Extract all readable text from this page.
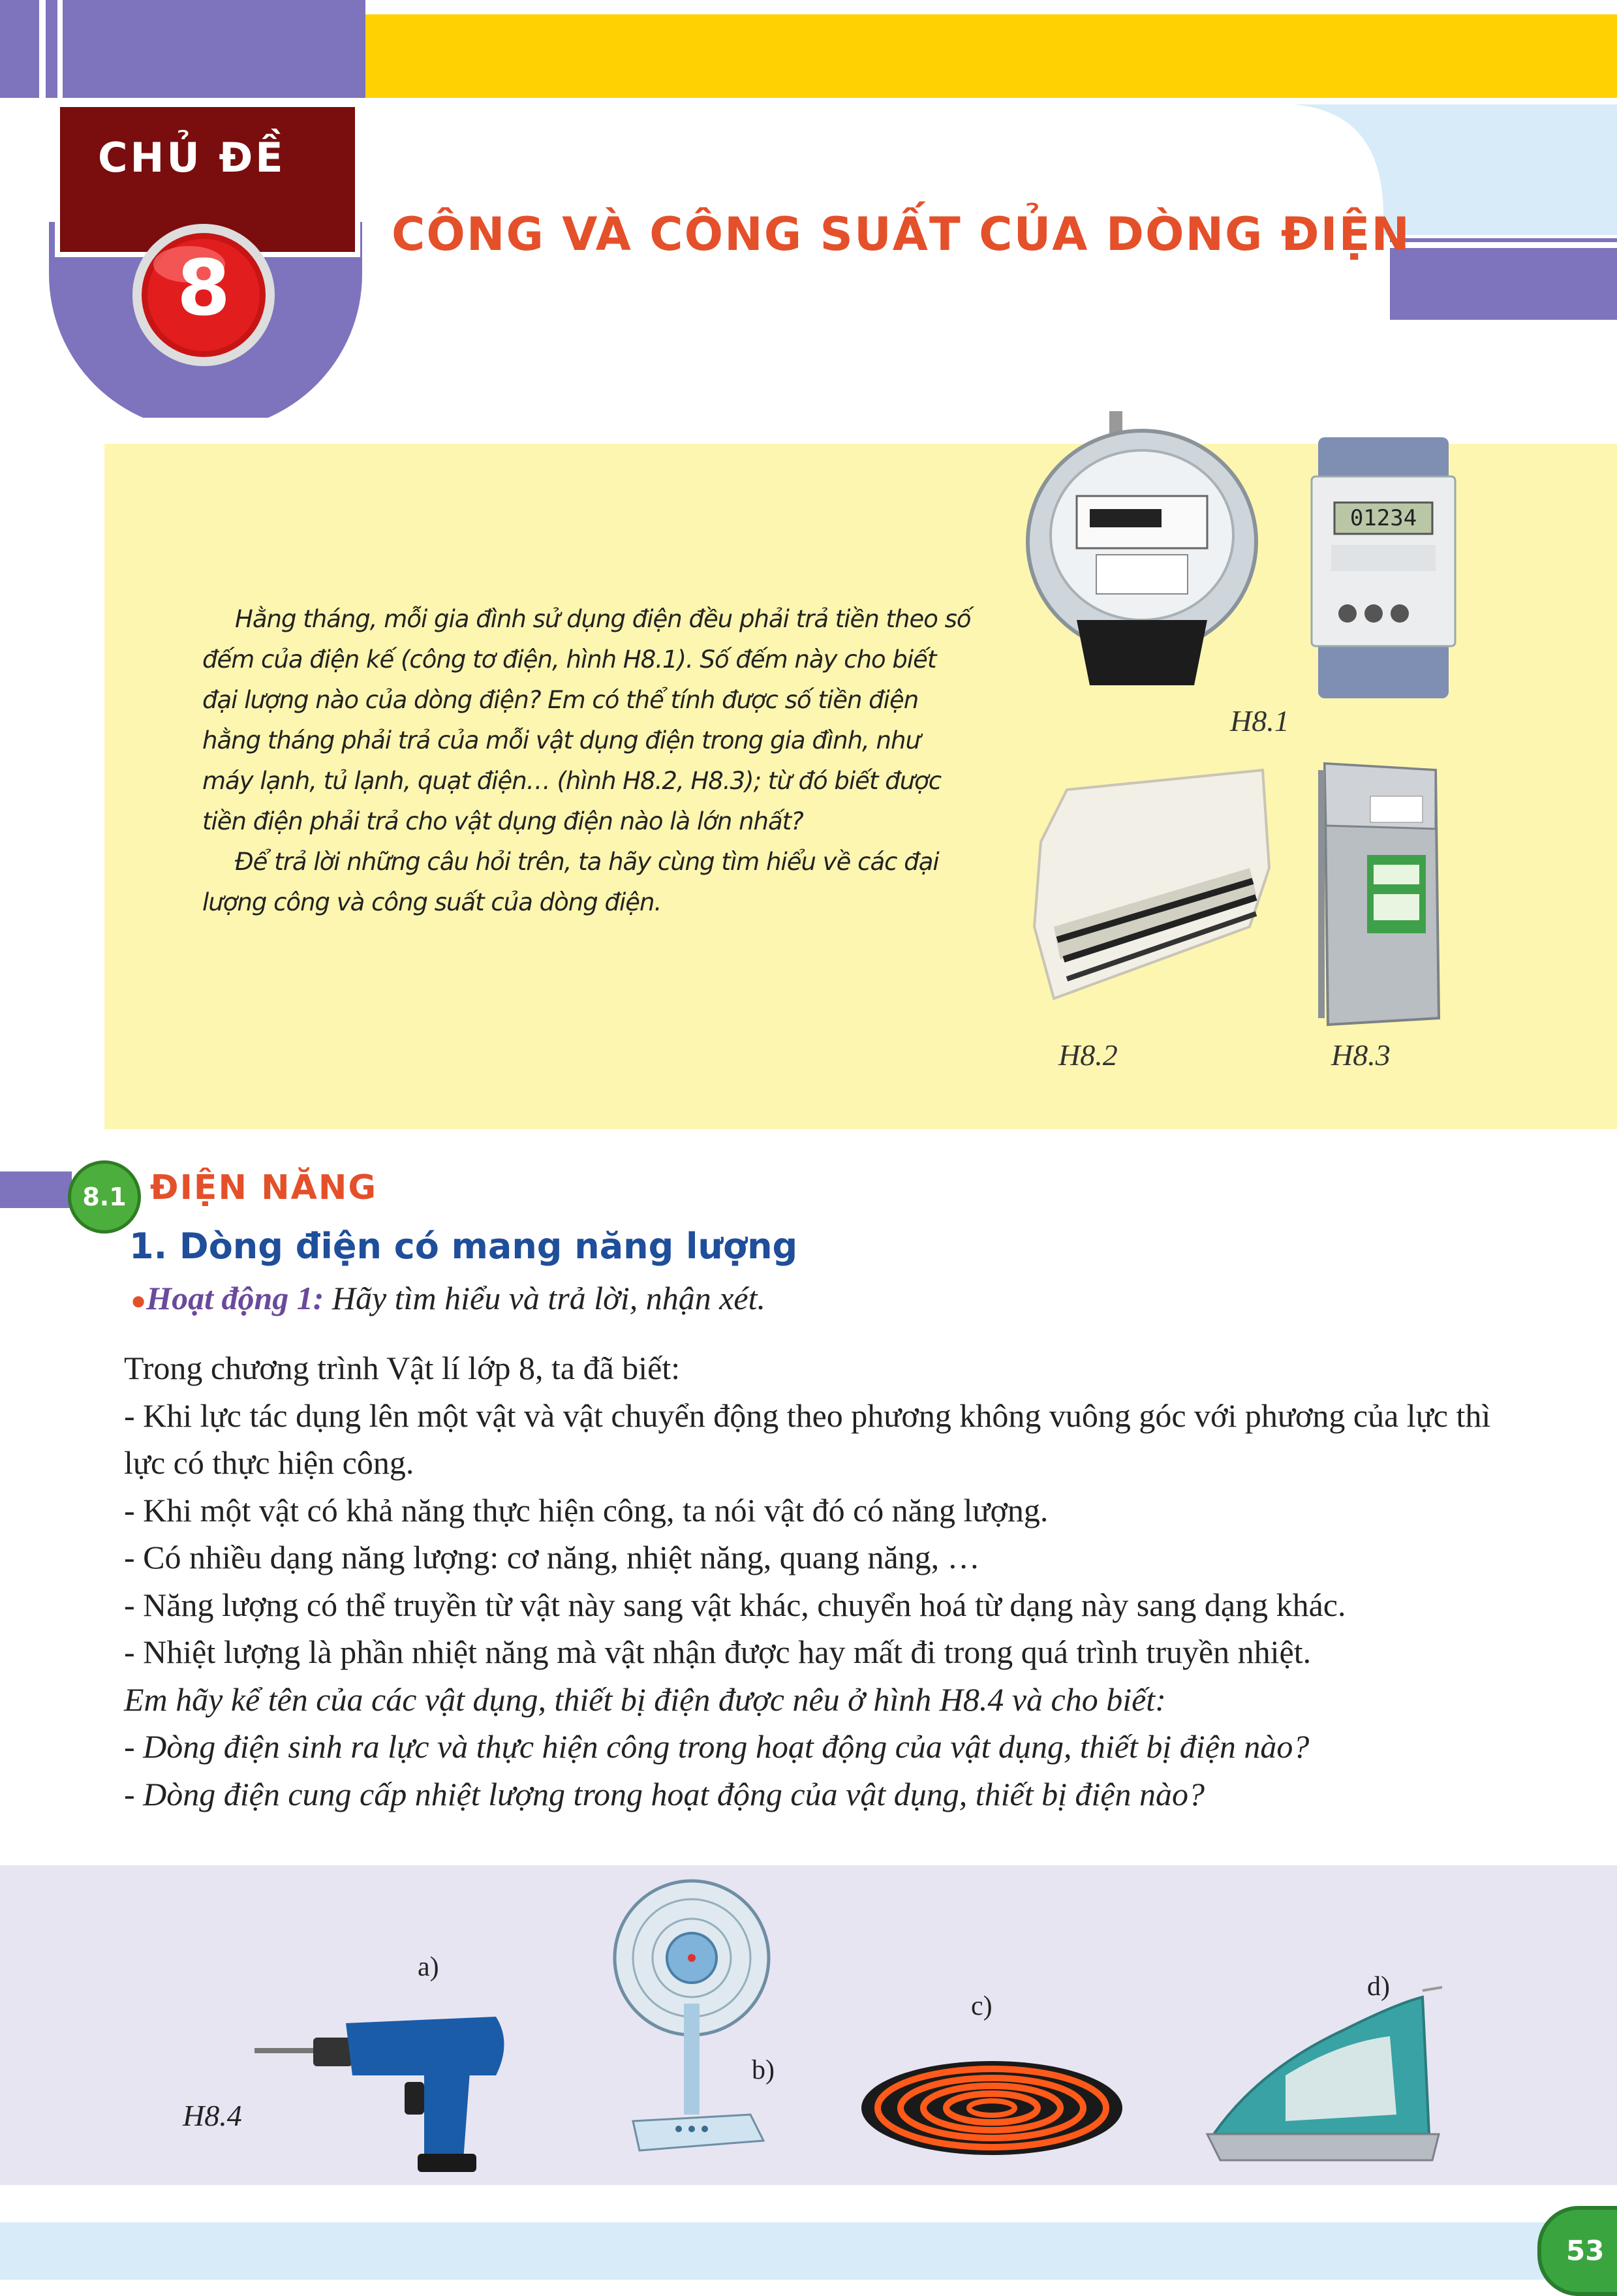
CHỦ ĐỀ
8
CÔNG VÀ CÔNG SUẤT CỦA DÒNG ĐIỆN

Hằng tháng, mỗi gia đình sử dụng điện đều phải trả tiền theo số đếm của điện kế (công tơ điện, hình H8.1). Số đếm này cho biết đại lượng nào của dòng điện? Em có thể tính được số tiền điện hằng tháng phải trả của mỗi vật dụng điện trong gia đình, như máy lạnh, tủ lạnh, quạt điện… (hình H8.2, H8.3); từ đó biết được tiền điện phải trả cho vật dụng điện nào là lớn nhất?

Để trả lời những câu hỏi trên, ta hãy cùng tìm hiểu về các đại lượng công và công suất của dòng điện.

01234
H8.1
H8.2	H8.3
8.1 ĐIỆN NĂNG
1. Dòng điện có mang năng lượng
●Hoạt động 1: Hãy tìm hiểu và trả lời, nhận xét.

Trong chương trình Vật lí lớp 8, ta đã biết:

- Khi lực tác dụng lên một vật và vật chuyển động theo phương không vuông góc với phương của lực thì lực có thực hiện công.

- Khi một vật có khả năng thực hiện công, ta nói vật đó có năng lượng.

- Có nhiều dạng năng lượng: cơ năng, nhiệt năng, quang năng, …

- Năng lượng có thể truyền từ vật này sang vật khác, chuyển hoá từ dạng này sang dạng khác.

- Nhiệt lượng là phần nhiệt năng mà vật nhận được hay mất đi trong quá trình truyền nhiệt.

Em hãy kể tên của các vật dụng, thiết bị điện được nêu ở hình H8.4 và cho biết:

- Dòng điện sinh ra lực và thực hiện công trong hoạt động của vật dụng, thiết bị điện nào?

- Dòng điện cung cấp nhiệt lượng trong hoạt động của vật dụng, thiết bị điện nào?

H8.4
a)
b)
c)
d)
53
